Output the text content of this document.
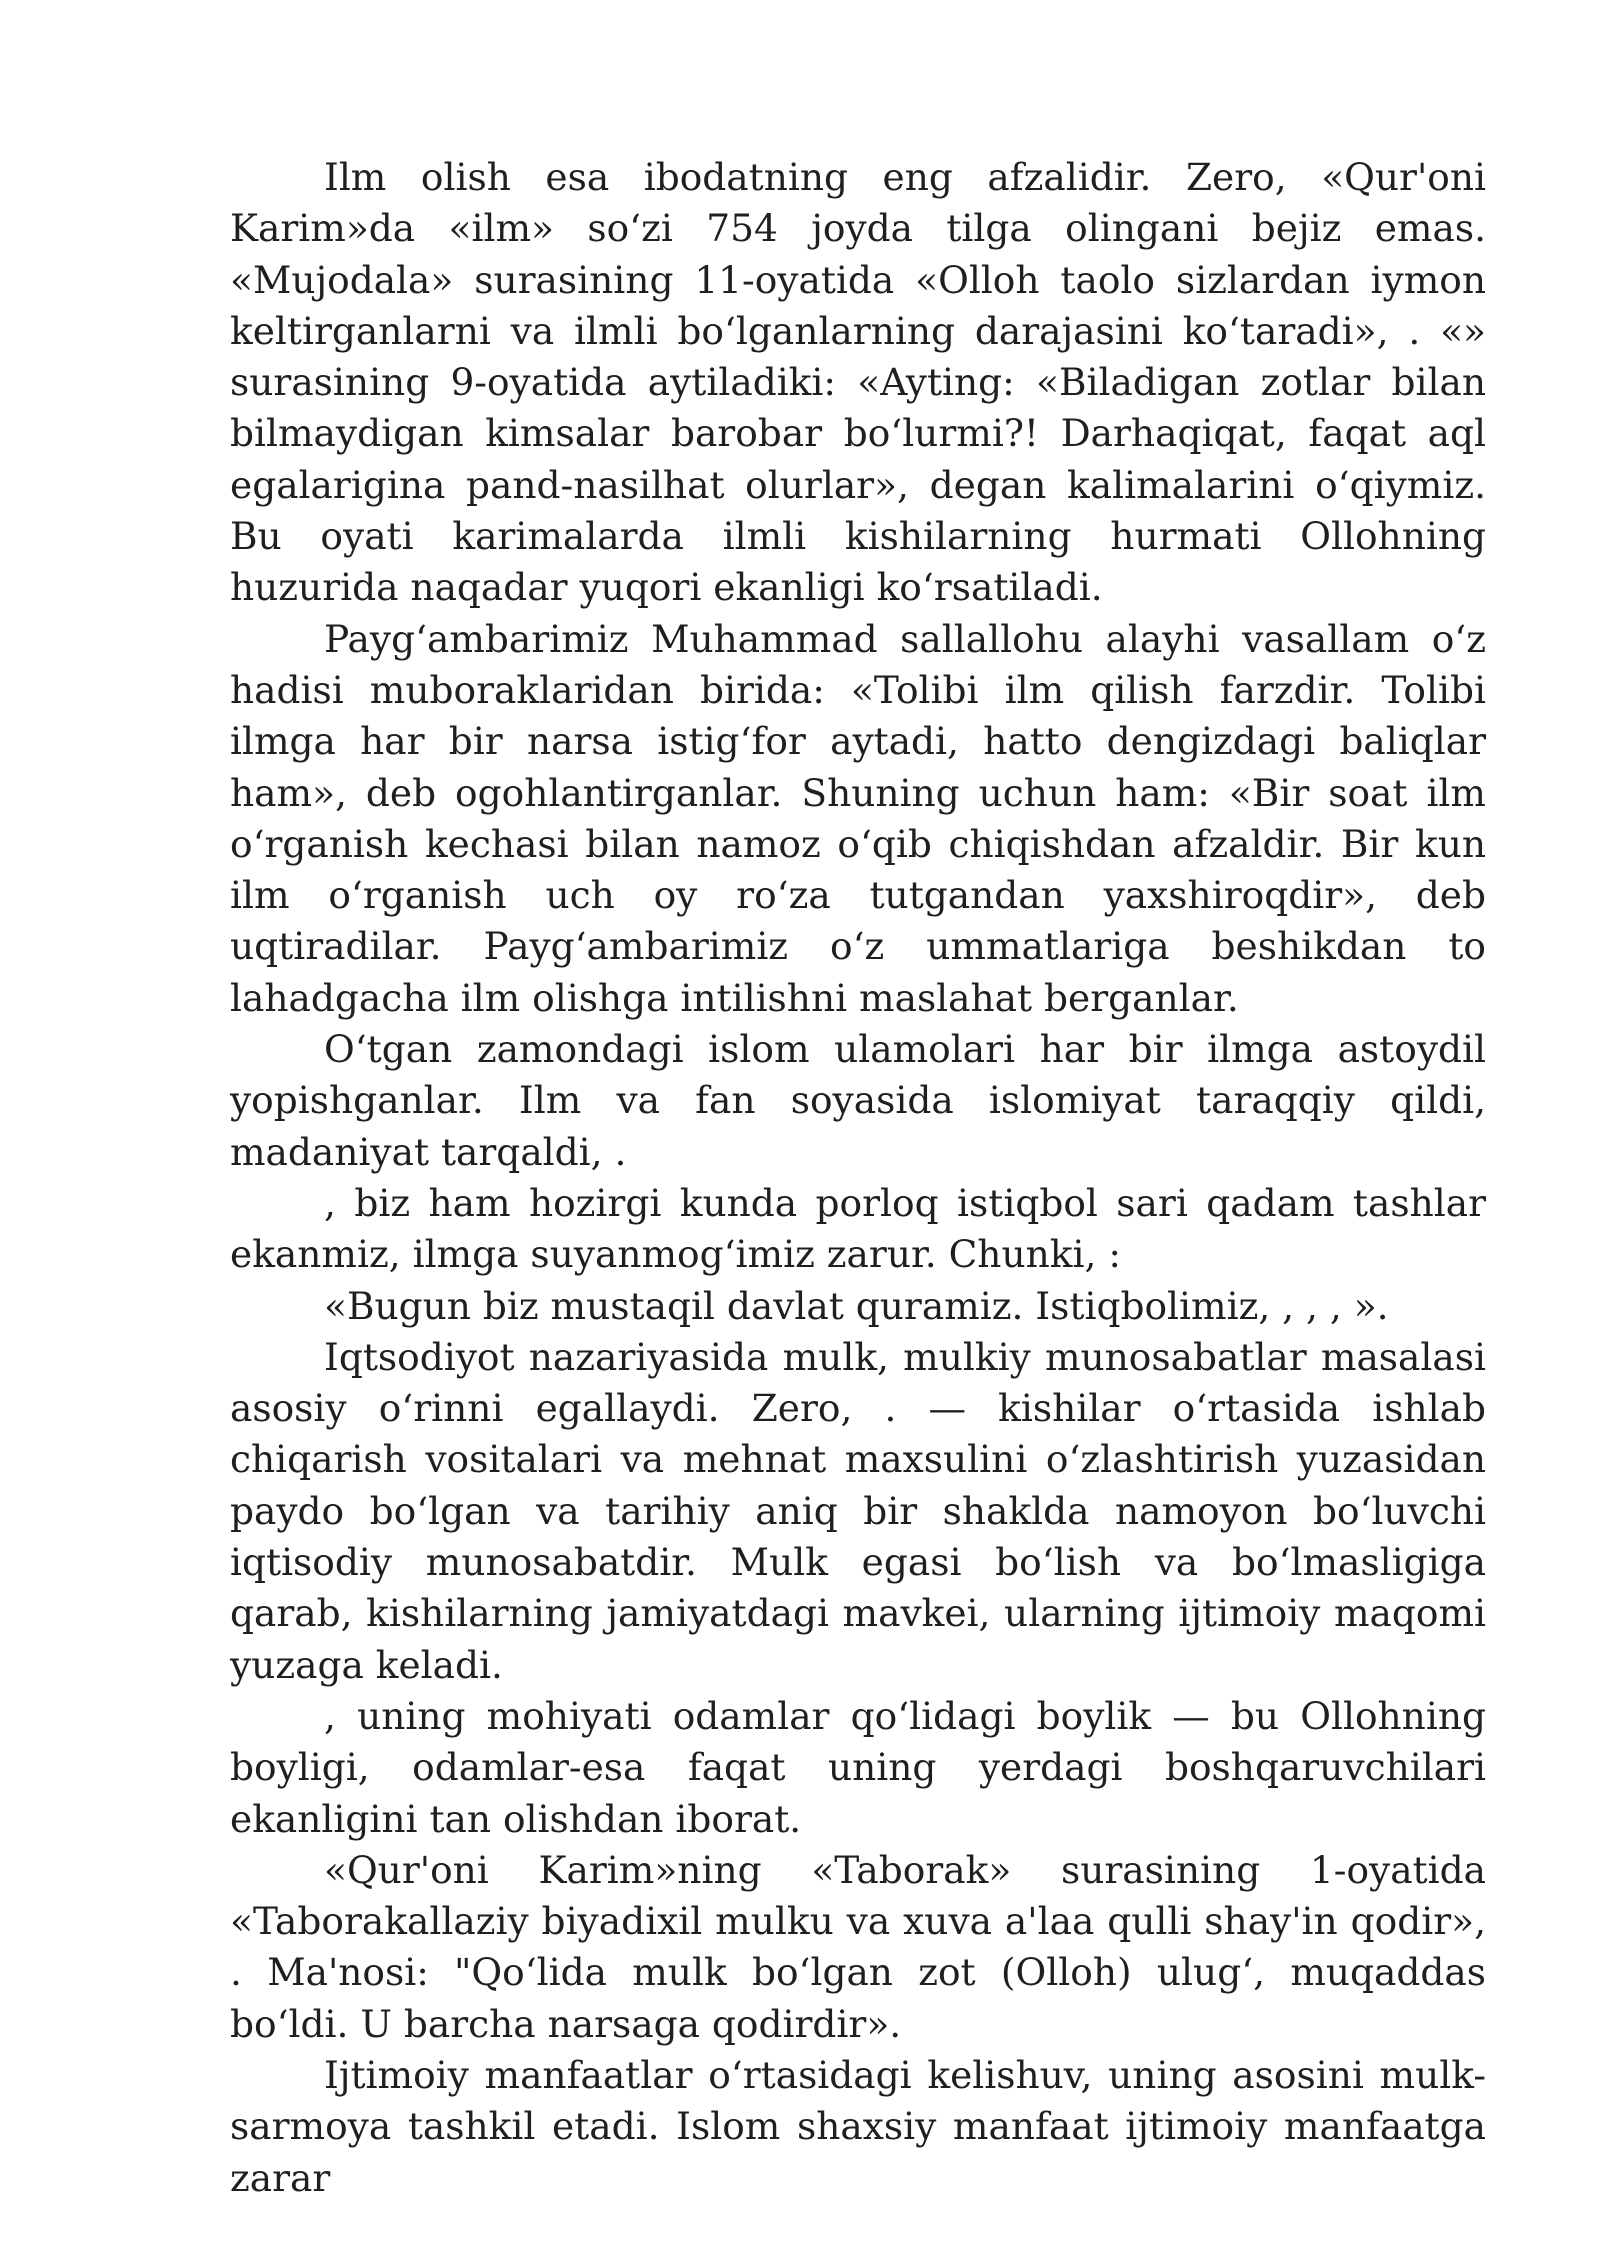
Ilm olish esa ibodatning eng afzalidir. Zero, «Qur'oni Karim»da «ilm» so‘zi 754 joyda tilga olingani bejiz emas. «Mujodala» surasining 11-oyatida «Olloh taolo sizlardan iymon keltirganlarni va ilmli bo‘lganlarning darajasini ko‘taradi», . «» surasining 9-oyatida aytiladiki: «Ayting: «Biladigan zotlar bilan bilmaydigan kimsalar barobar bo‘lurmi?! Darhaqiqat, faqat aql egalarigina pand-nasilhat olurlar», degan kalimalarini o‘qiymiz. Bu oyati karimalarda ilmli kishilarning hurmati Ollohning huzurida naqadar yuqori ekanligi ko‘rsatiladi.

Payg‘ambarimiz Muhammad sallallohu alayhi vasallam o‘z hadisi muboraklaridan birida: «Tolibi ilm qilish farzdir. Tolibi ilmga har bir narsa istig‘for aytadi, hatto dengizdagi baliqlar ham», deb ogohlantirganlar. Shuning uchun ham: «Bir soat ilm o‘rganish kechasi bilan namoz o‘qib chiqishdan afzaldir. Bir kun ilm o‘rganish uch oy ro‘za tutgandan yaxshiroqdir», deb uqtiradilar. Payg‘ambarimiz o‘z ummatlariga beshikdan to lahadgacha ilm olishga intilishni maslahat berganlar.

O‘tgan zamondagi islom ulamolari har bir ilmga astoydil yopishganlar. Ilm va fan soyasida islomiyat taraqqiy qildi, madaniyat tarqaldi, .

, biz ham hozirgi kunda porloq istiqbol sari qadam tashlar ekanmiz, ilmga suyanmog‘imiz zarur. Chunki, :

«Bugun biz mustaqil davlat quramiz. Istiqbolimiz, , , , ».

Iqtsodiyot nazariyasida mulk, mulkiy munosabatlar masalasi asosiy o‘rinni egallaydi. Zero, . — kishilar o‘rtasida ishlab chiqarish vositalari va mehnat maxsulini o‘zlashtirish yuzasidan paydo bo‘lgan va tarihiy aniq bir shaklda namoyon bo‘luvchi iqtisodiy munosabatdir. Mulk egasi bo‘lish va bo‘lmasligiga qarab, kishilarning jamiyatdagi mavkei, ularning ijtimoiy maqomi yuzaga keladi.

, uning mohiyati odamlar qo‘lidagi boylik — bu Ollohning boyligi, odamlar-esa faqat uning yerdagi boshqaruvchilari ekanligini tan olishdan iborat.

«Qur'oni Karim»ning «Taborak» surasining 1-oyatida «Taborakallaziy biyadixil mulku va xuva a'laa qulli shay'in qodir», . Ma'nosi: "Qo‘lida mulk bo‘lgan zot (Olloh) ulug‘, muqaddas bo‘ldi. U barcha narsaga qodirdir».

Ijtimoiy manfaatlar o‘rtasidagi kelishuv, uning asosini mulk-sarmoya tashkil etadi. Islom shaxsiy manfaat ijtimoiy manfaatga zarar
